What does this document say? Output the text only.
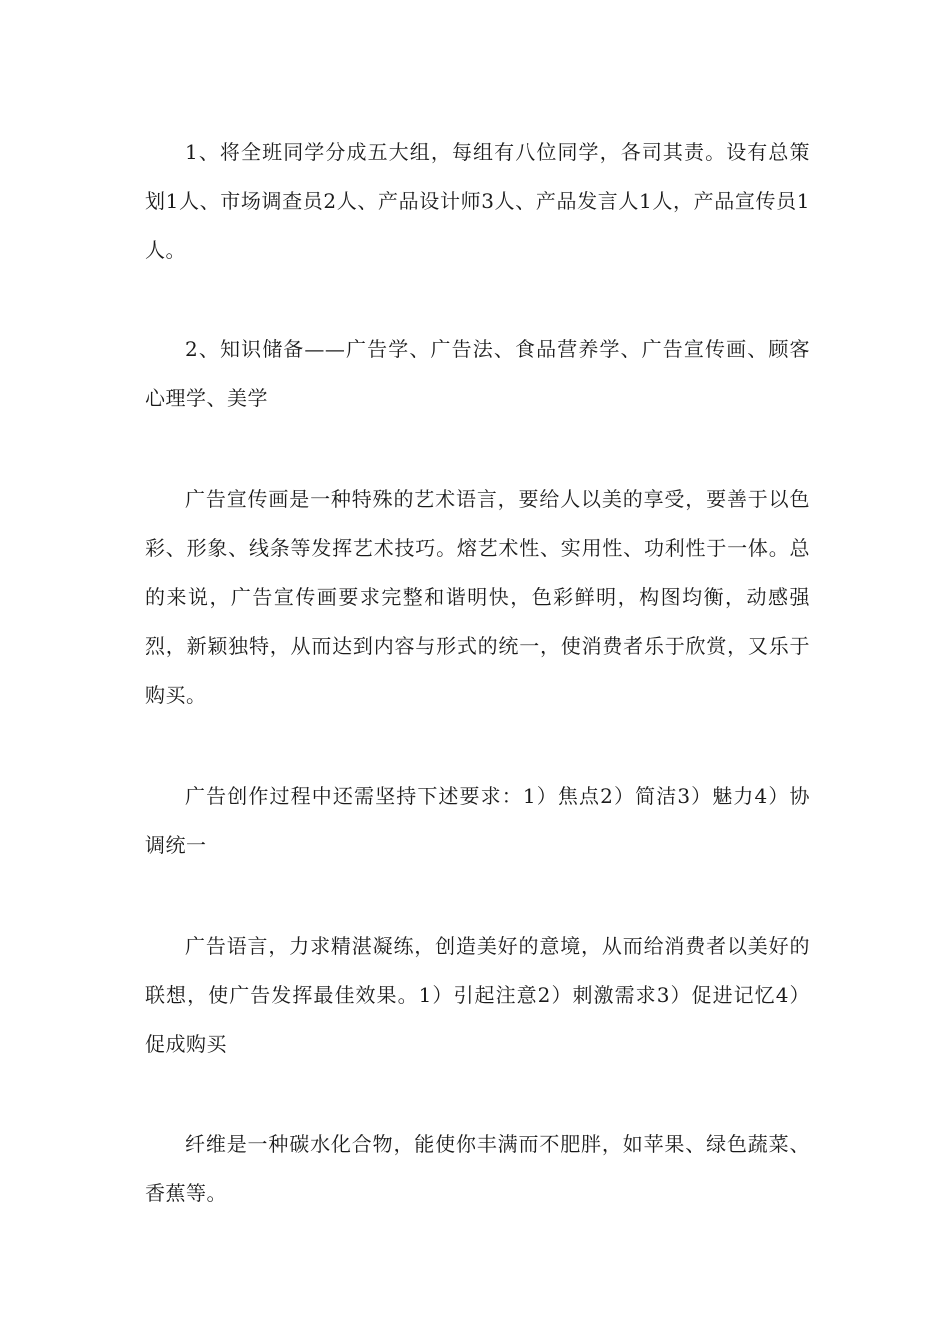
1、将全班同学分成五大组，每组有八位同学，各司其责。设有总策划1人、市场调查员2人、产品设计师3人、产品发言人1人，产品宣传员1人。

2、知识储备——广告学、广告法、食品营养学、广告宣传画、顾客心理学、美学

广告宣传画是一种特殊的艺术语言，要给人以美的享受，要善于以色彩、形象、线条等发挥艺术技巧。熔艺术性、实用性、功利性于一体。总的来说，广告宣传画要求完整和谐明快，色彩鲜明，构图均衡，动感强烈，新颖独特，从而达到内容与形式的统一，使消费者乐于欣赏，又乐于购买。

广告创作过程中还需坚持下述要求：1）焦点2）简洁3）魅力4）协调统一

广告语言，力求精湛凝练，创造美好的意境，从而给消费者以美好的联想，使广告发挥最佳效果。1）引起注意2）刺激需求3）促进记忆4）促成购买

纤维是一种碳水化合物，能使你丰满而不肥胖，如苹果、绿色蔬菜、香蕉等。
